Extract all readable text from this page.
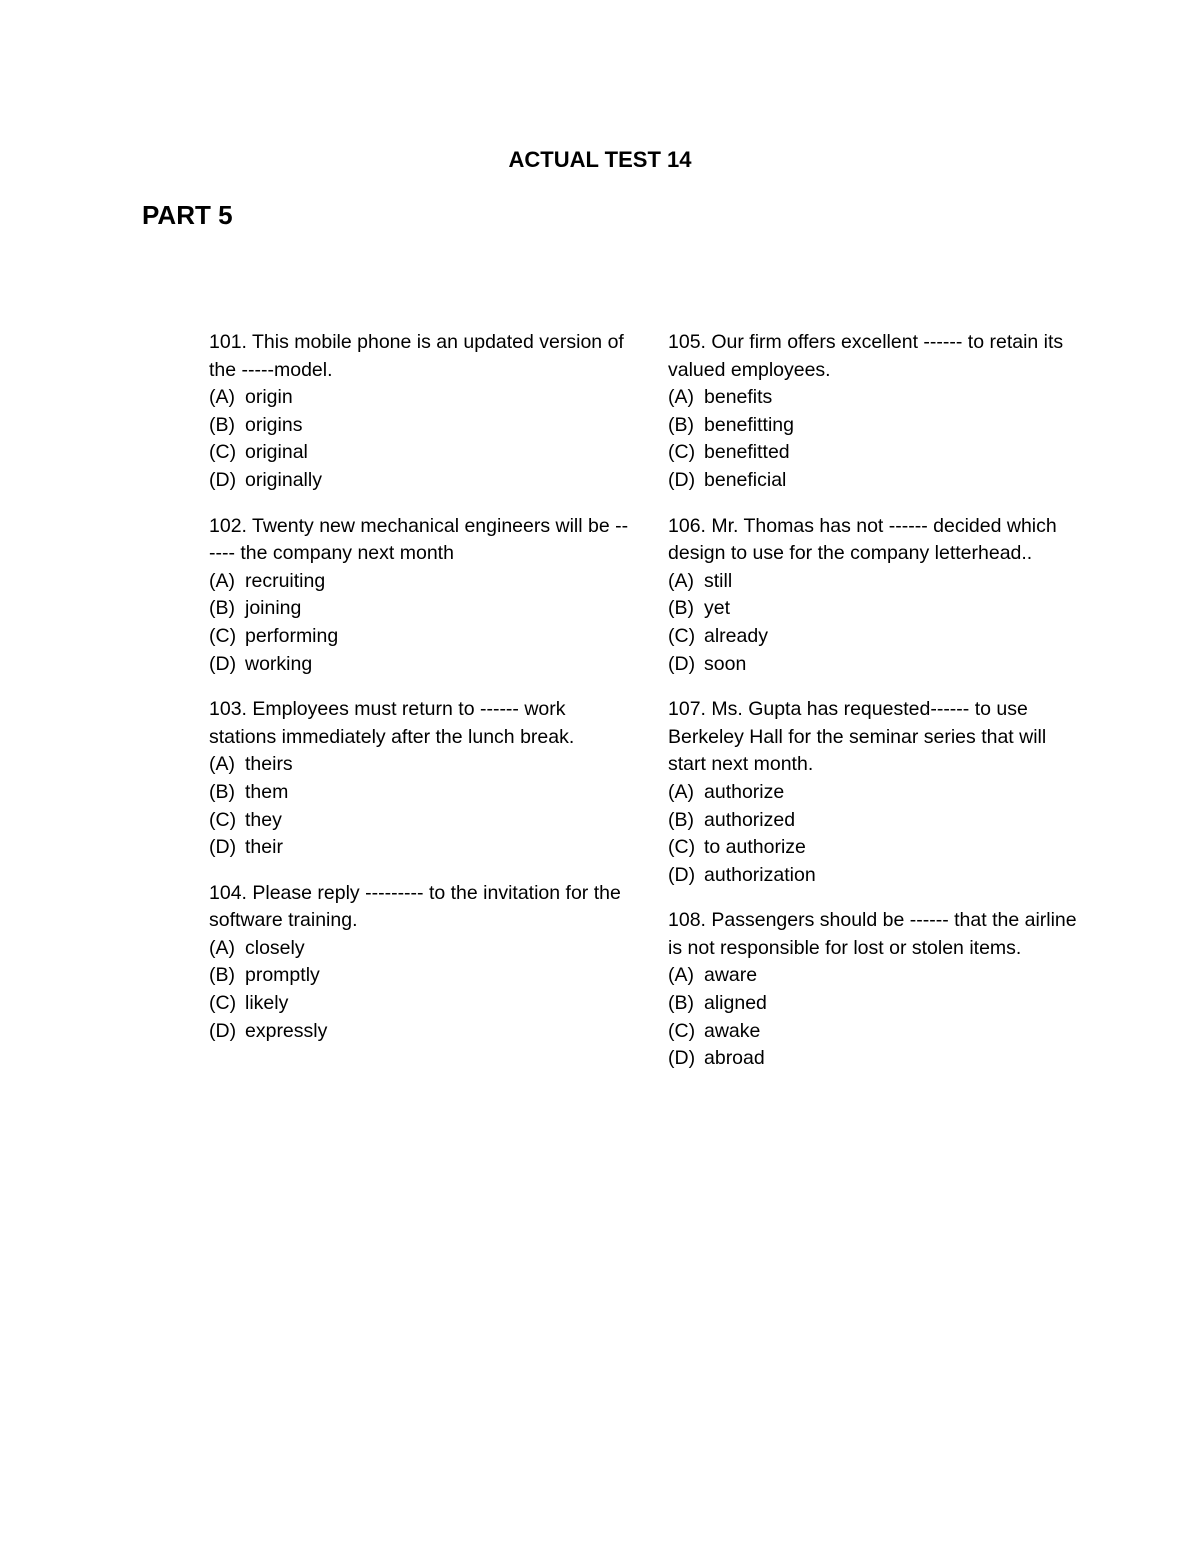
ACTUAL TEST 14
PART 5

101. This mobile phone is an updated version of the -----model.

(A) origin
(B) origins
(C) original
(D) originally

102. Twenty new mechanical engineers will be ------ the company next month

(A) recruiting
(B) joining
(C) performing
(D) working

103. Employees must return to ------ work stations immediately after the lunch break.

(A) theirs
(B) them
(C) they
(D) their

104. Please reply --------- to the invitation for the software training.

(A) closely
(B) promptly
(C) likely
(D) expressly

105. Our firm offers excellent ------ to retain its valued employees.

(A) benefits
(B) benefitting
(C) benefitted
(D) beneficial

106. Mr. Thomas has not ------ decided which design to use for the company letterhead..

(A) still
(B) yet
(C) already
(D) soon

107. Ms. Gupta has requested------ to use Berkeley Hall for the seminar series that will start next month.

(A) authorize
(B) authorized
(C) to authorize
(D) authorization

108. Passengers should be ------ that the airline is not responsible for lost or stolen items.

(A) aware
(B) aligned
(C) awake
(D) abroad
